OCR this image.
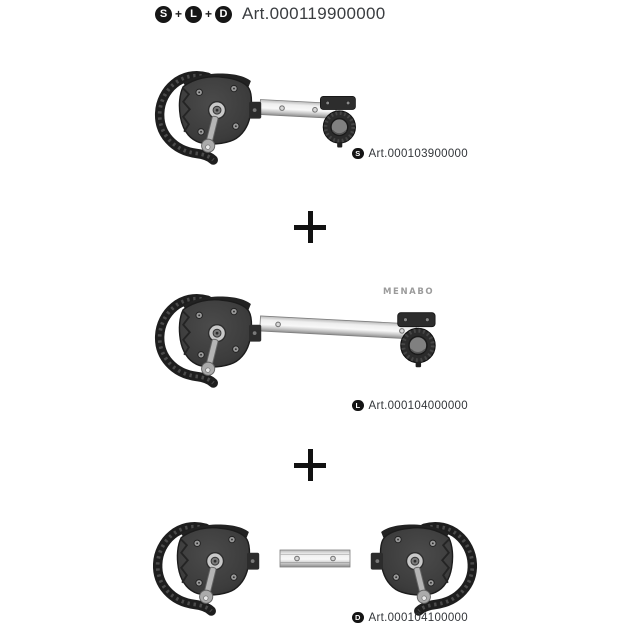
S + L + D Art.000119900000
S Art.000103900000
MENABO
L Art.000104000000
D Art.000104100000
